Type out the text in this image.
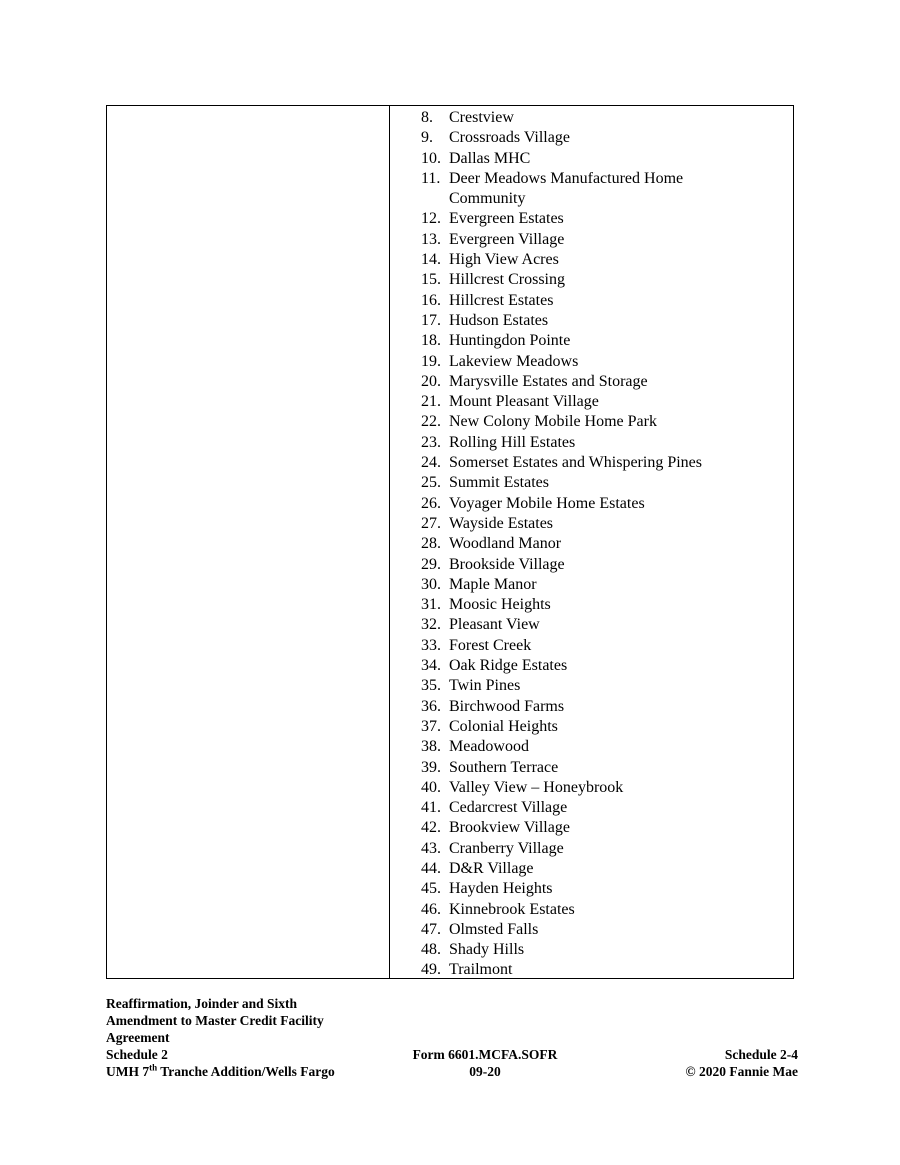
8.	Crestview
9.	Crossroads Village
10. Dallas MHC
11. Deer Meadows Manufactured Home Community
12. Evergreen Estates
13. Evergreen Village
14. High View Acres
15. Hillcrest Crossing
16. Hillcrest Estates
17. Hudson Estates
18. Huntingdon Pointe
19. Lakeview Meadows
20. Marysville Estates and Storage
21. Mount Pleasant Village
22. New Colony Mobile Home Park
23. Rolling Hill Estates
24. Somerset Estates and Whispering Pines
25. Summit Estates
26. Voyager Mobile Home Estates
27. Wayside Estates
28. Woodland Manor
29. Brookside Village
30. Maple Manor
31. Moosic Heights
32. Pleasant View
33. Forest Creek
34. Oak Ridge Estates
35. Twin Pines
36. Birchwood Farms
37. Colonial Heights
38. Meadowood
39. Southern Terrace
40. Valley View – Honeybrook
41. Cedarcrest Village
42. Brookview Village
43. Cranberry Village
44. D&R Village
45. Hayden Heights
46. Kinnebrook Estates
47. Olmsted Falls
48. Shady Hills
49. Trailmont
Reaffirmation, Joinder and Sixth
Amendment to Master Credit Facility
Agreement
Schedule 2
UMH 7th Tranche Addition/Wells Fargo
Form 6601.MCFA.SOFR
09-20
Schedule 2-4
© 2020 Fannie Mae
